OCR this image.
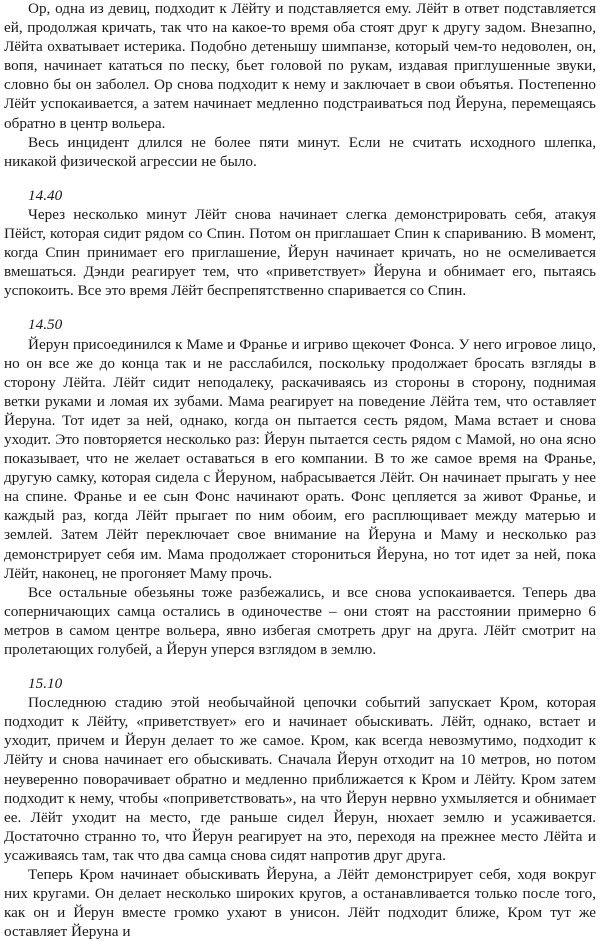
Ор, одна из девиц, подходит к Лёйту и подставляется ему. Лёйт в ответ подставляется ей, продолжая кричать, так что на какое-то время оба стоят друг к другу задом. Внезапно, Лёйта охватывает истерика. Подобно детенышу шимпанзе, который чем-то недоволен, он, вопя, начинает кататься по песку, бьет головой по рукам, издавая приглушенные звуки, словно бы он заболел. Ор снова подходит к нему и заключает в свои объятья. Постепенно Лёйт успокаивается, а затем начинает медленно подстраиваться под Йеруна, перемещаясь обратно в центр вольера.

Весь инцидент длился не более пяти минут. Если не считать исходного шлепка, никакой физической агрессии не было.

14.40

Через несколько минут Лёйт снова начинает слегка демонстрировать себя, атакуя Пёйст, которая сидит рядом со Спин. Потом он приглашает Спин к спариванию. В момент, когда Спин принимает его приглашение, Йерун начинает кричать, но не осмеливается вмешаться. Дэнди реагирует тем, что «приветствует» Йеруна и обнимает его, пытаясь успокоить. Все это время Лёйт беспрепятственно спаривается со Спин.

14.50

Йерун присоединился к Маме и Франье и игриво щекочет Фонса. У него игровое лицо, но он все же до конца так и не расслабился, поскольку продолжает бросать взгляды в сторону Лёйта. Лёйт сидит неподалеку, раскачиваясь из стороны в сторону, поднимая ветки руками и ломая их зубами. Мама реагирует на поведение Лёйта тем, что оставляет Йеруна. Тот идет за ней, однако, когда он пытается сесть рядом, Мама встает и снова уходит. Это повторяется несколько раз: Йерун пытается сесть рядом с Мамой, но она ясно показывает, что не желает оставаться в его компании. В то же самое время на Франье, другую самку, которая сидела с Йеруном, набрасывается Лёйт. Он начинает прыгать у нее на спине. Франье и ее сын Фонс начинают орать. Фонс цепляется за живот Франье, и каждый раз, когда Лёйт прыгает по ним обоим, его расплющивает между матерью и землей. Затем Лёйт переключает свое внимание на Йеруна и Маму и несколько раз демонстрирует себя им. Мама продолжает сторониться Йеруна, но тот идет за ней, пока Лёйт, наконец, не прогоняет Маму прочь.

Все остальные обезьяны тоже разбежались, и все снова успокаивается. Теперь два соперничающих самца остались в одиночестве – они стоят на расстоянии примерно 6 метров в самом центре вольера, явно избегая смотреть друг на друга. Лёйт смотрит на пролетающих голубей, а Йерун уперся взглядом в землю.

15.10

Последнюю стадию этой необычайной цепочки событий запускает Кром, которая подходит к Лёйту, «приветствует» его и начинает обыскивать. Лёйт, однако, встает и уходит, причем и Йерун делает то же самое. Кром, как всегда невозмутимо, подходит к Лёйту и снова начинает его обыскивать. Сначала Йерун отходит на 10 метров, но потом неуверенно поворачивает обратно и медленно приближается к Кром и Лёйту. Кром затем подходит к нему, чтобы «поприветствовать», на что Йерун нервно ухмыляется и обнимает ее. Лёйт уходит на место, где раньше сидел Йерун, нюхает землю и усаживается. Достаточно странно то, что Йерун реагирует на это, переходя на прежнее место Лёйта и усаживаясь там, так что два самца снова сидят напротив друг друга.

Теперь Кром начинает обыскивать Йеруна, а Лёйт демонстрирует себя, ходя вокруг них кругами. Он делает несколько широких кругов, а останавливается только после того, как он и Йерун вместе громко ухают в унисон. Лёйт подходит ближе, Кром тут же оставляет Йеруна и
